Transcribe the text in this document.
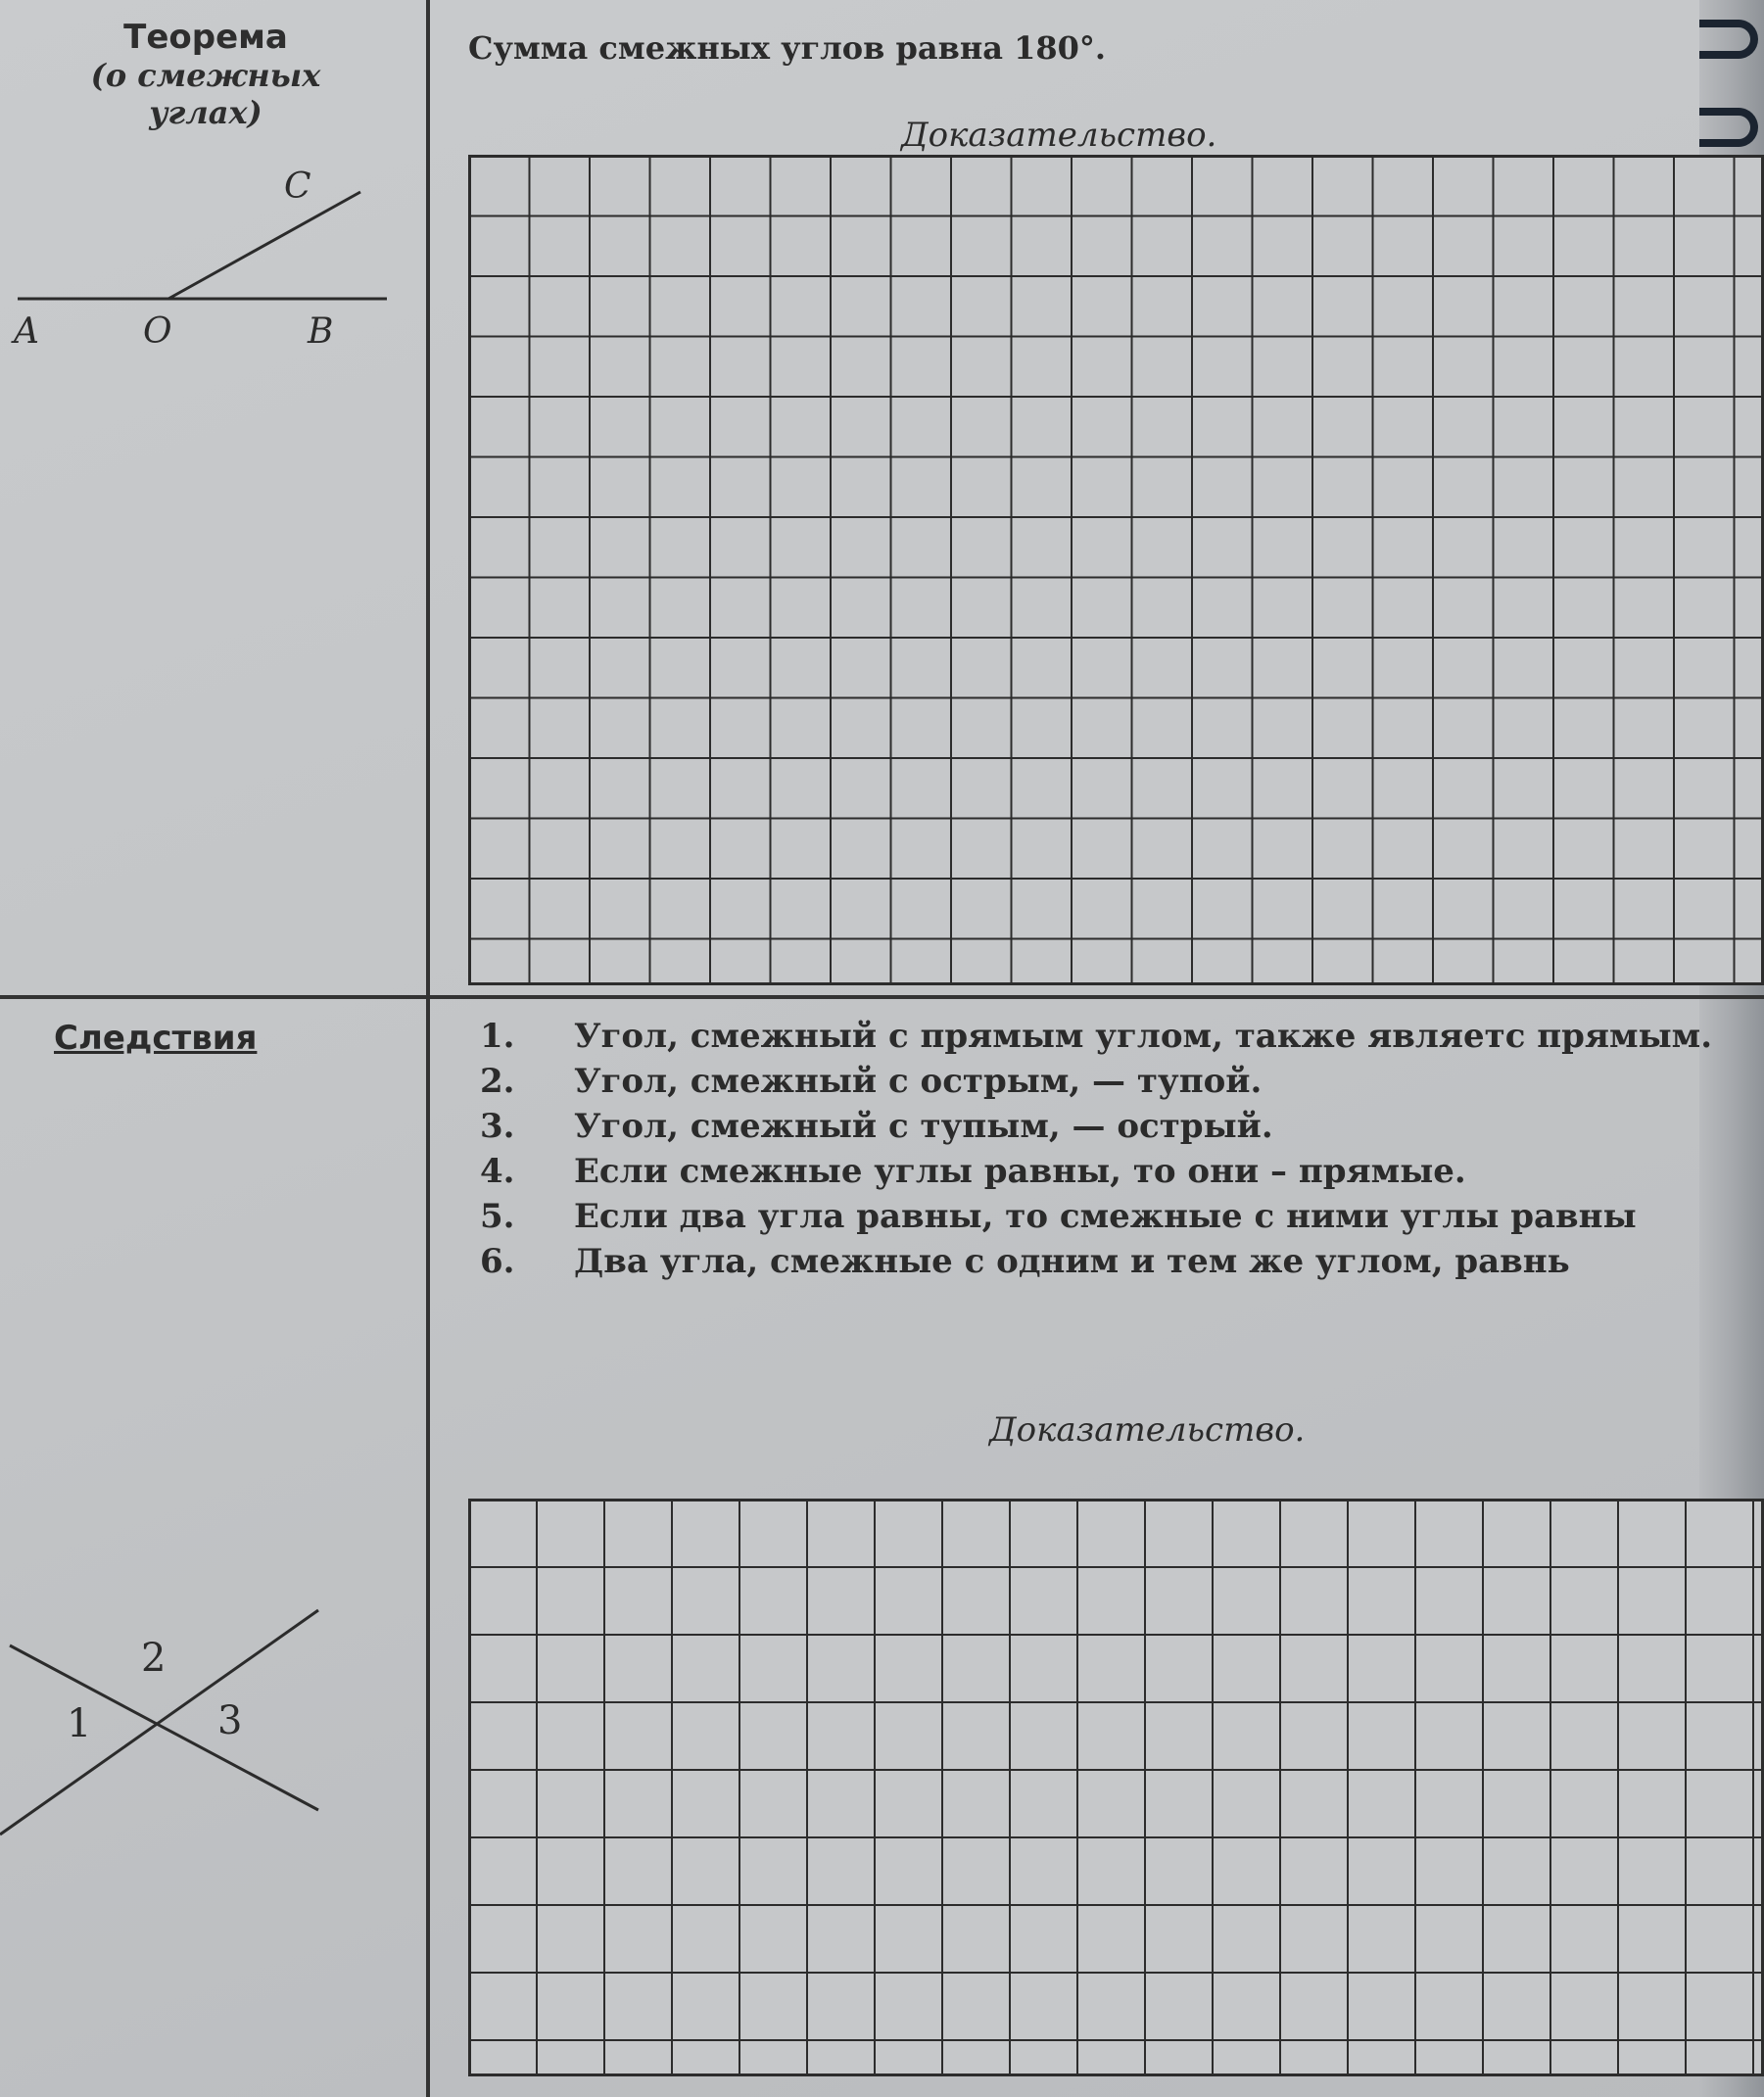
Теорема
(о смежных
углах)
A	O	B
C
Сумма смежных углов равна 180°.
Доказательство.
Следствия	1.	Угол, смежный с прямым углом, также являетс прямым.
2.	Угол, смежный с острым, — тупой.
3.	Угол, смежный с тупым, — острый.
4.	Если смежные углы равны, то они – прямые.
5.	Если два угла равны, то смежные с ними углы равны
6.	Два угла, смежные с одним и тем же углом, равнь
Доказательство.
2
1	3
